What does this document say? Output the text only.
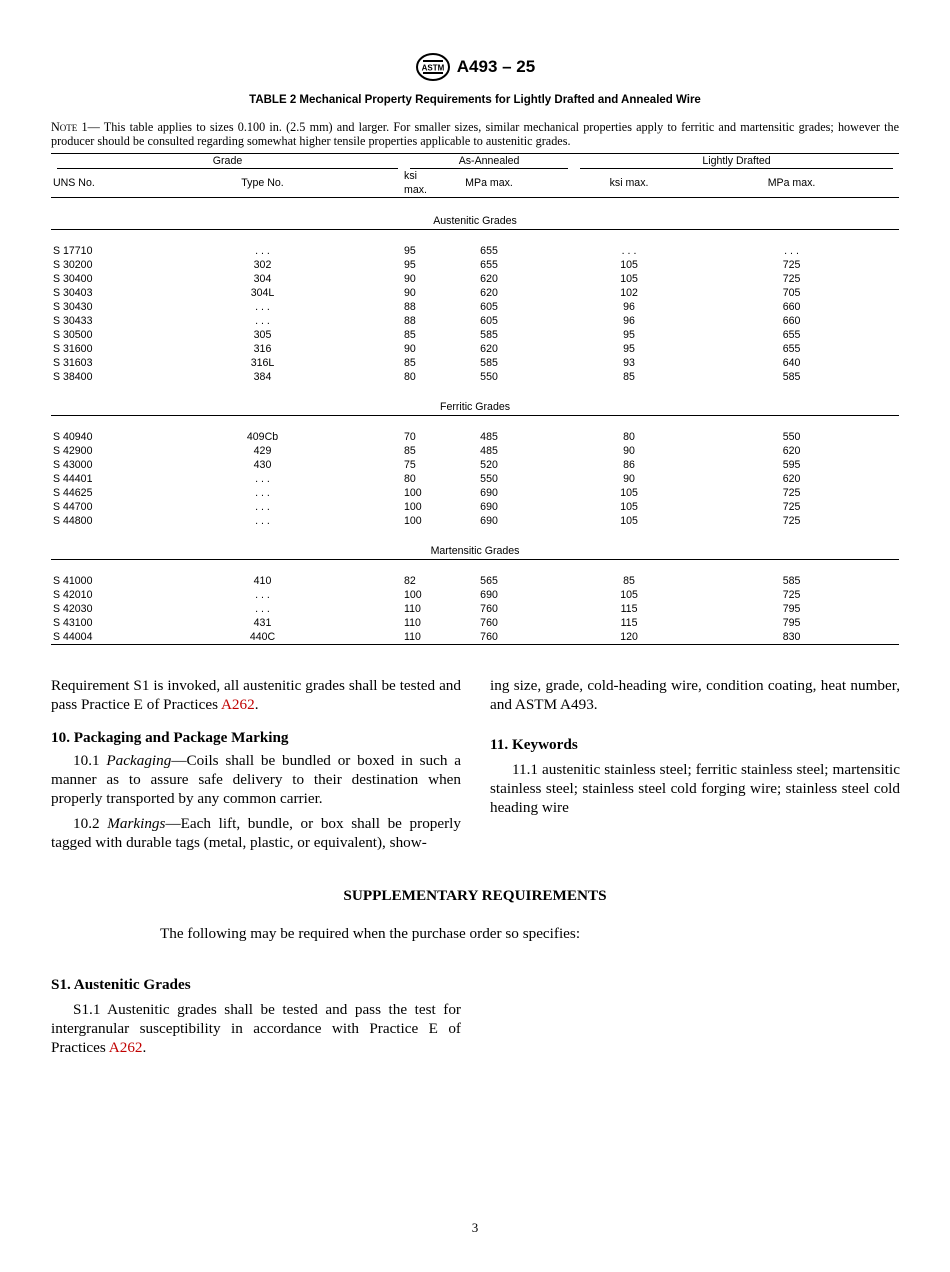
ASTM A493 – 25
TABLE 2 Mechanical Property Requirements for Lightly Drafted and Annealed Wire
Note 1— This table applies to sizes 0.100 in. (2.5 mm) and larger. For smaller sizes, similar mechanical properties apply to ferritic and martensitic grades; however the producer should be consulted regarding somewhat higher tensile properties applicable to austenitic grades.
Grade		As-Annealed	Lightly Drafted	

UNS No.	Type No.	ksi max.	MPa max.	ksi max.	MPa max.
Austenitic Grades				

S 17710	. . .	95	655	. . .	. . .
S 30200	302	95	655	105	725
S 30400	304	90	620	105	725
S 30403	304L	90	620	102	705
S 30430	. . .	88	605	96	660
S 30433	. . .	88	605	96	660
S 30500	305	85	585	95	655
S 31600	316	90	620	95	655
S 31603	316L	85	585	93	640
S 38400	384	80	550	85	585
Ferritic Grades				

S 40940	409Cb	70	485	80	550
S 42900	429	85	485	90	620
S 43000	430	75	520	86	595
S 44401	. . .	80	550	90	620
S 44625	. . .	100	690	105	725
S 44700	. . .	100	690	105	725
S 44800	. . .	100	690	105	725
Martensitic Grades				

S 41000	410	82	565	85	585
S 42010	. . .	100	690	105	725
S 42030	. . .	110	760	115	795
S 43100	431	110	760	115	795
S 44004	440C	110	760	120	830

Requirement S1 is invoked, all austenitic grades shall be tested and pass Practice E of Practices A262.

10. Packaging and Package Marking

10.1 Packaging—Coils shall be bundled or boxed in such a manner as to assure safe delivery to their destination when properly transported by any common carrier.

10.2 Markings—Each lift, bundle, or box shall be properly tagged with durable tags (metal, plastic, or equivalent), show-

ing size, grade, cold-heading wire, condition coating, heat number, and ASTM A493.

11. Keywords

11.1 austenitic stainless steel; ferritic stainless steel; martensitic stainless steel; stainless steel cold forging wire; stainless steel cold heading wire

SUPPLEMENTARY REQUIREMENTS
The following may be required when the purchase order so specifies:
S1. Austenitic Grades

S1.1 Austenitic grades shall be tested and pass the test for intergranular susceptibility in accordance with Practice E of Practices A262.

3
